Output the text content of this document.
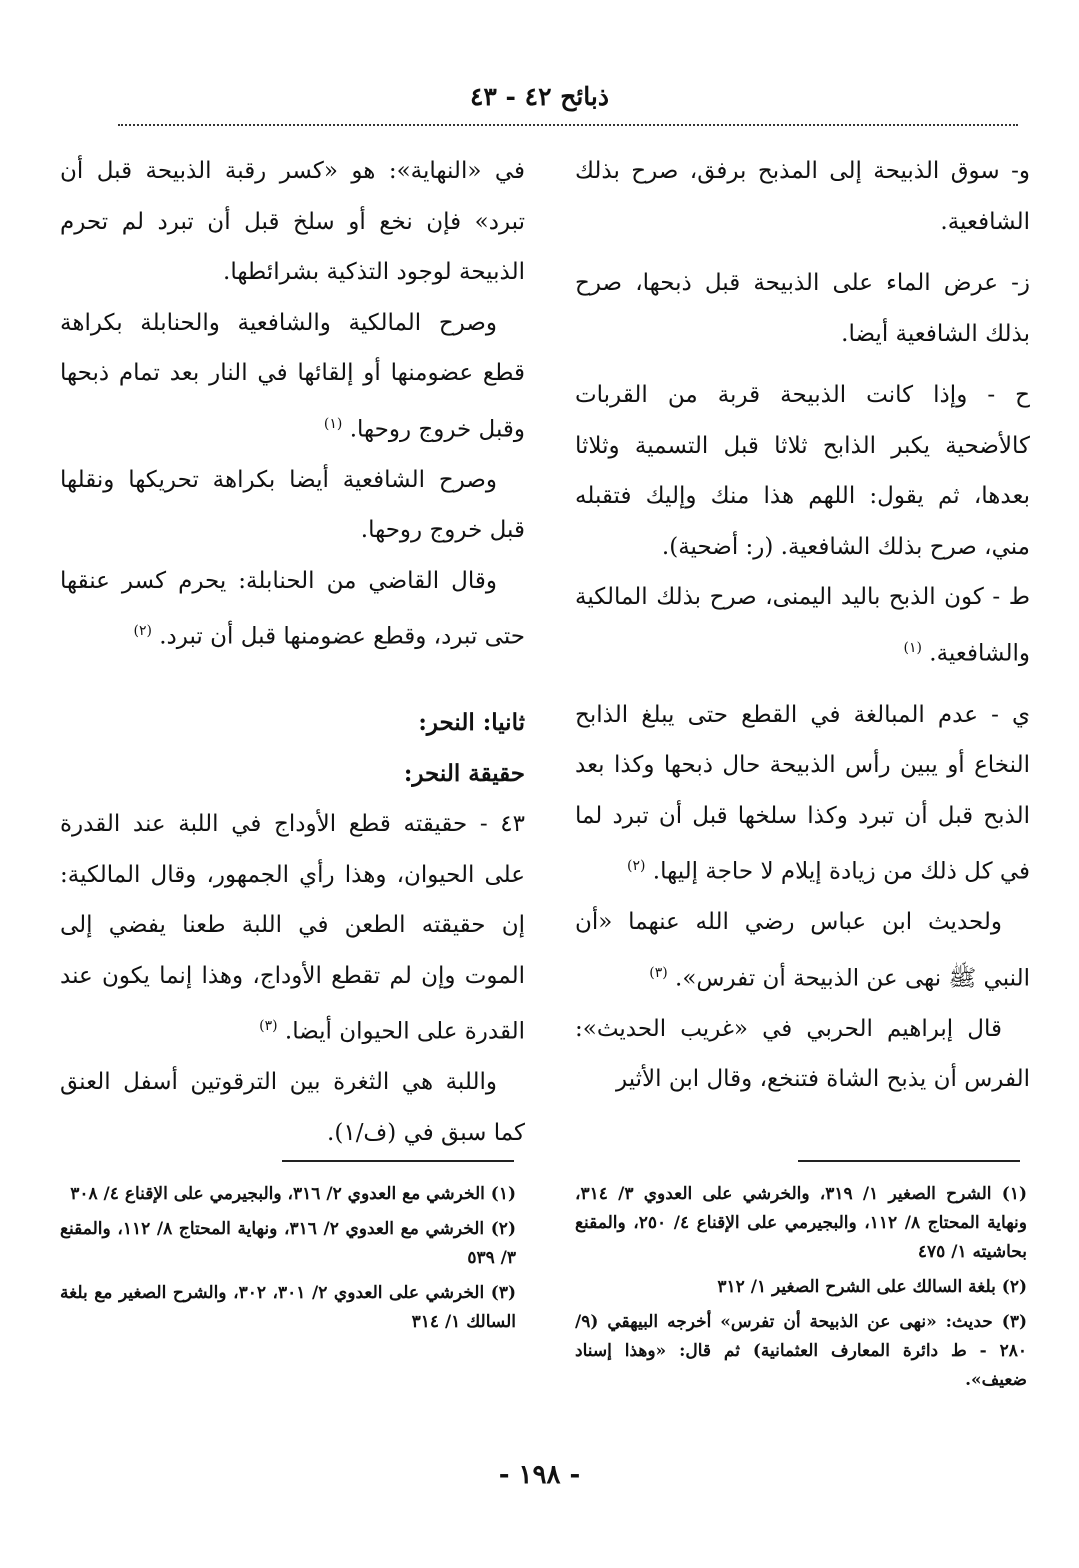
ذبائح ٤٢ - ٤٣

و- سوق الذبيحة إلى المذبح برفق، صرح بذلك الشافعية.

ز- عرض الماء على الذبيحة قبل ذبحها، صرح بذلك الشافعية أيضا.

ح - وإذا كانت الذبيحة قربة من القربات كالأضحية يكبر الذابح ثلاثا قبل التسمية وثلاثا بعدها، ثم يقول: اللهم هذا منك وإليك فتقبله مني، صرح بذلك الشافعية. (ر: أضحية).

ط - كون الذبح باليد اليمنى، صرح بذلك المالكية والشافعية. $^{(١)}$

ي - عدم المبالغة في القطع حتى يبلغ الذابح النخاع أو يبين رأس الذبيحة حال ذبحها وكذا بعد الذبح قبل أن تبرد وكذا سلخها قبل أن تبرد لما في كل ذلك من زيادة إيلام لا حاجة إليها. $^{(٢)}$

ولحديث ابن عباس رضي الله عنهما «أن النبي ﷺ نهى عن الذبيحة أن تفرس». $^{(٣)}$

قال إبراهيم الحربي في «غريب الحديث»: الفرس أن يذبح الشاة فتنخع، وقال ابن الأثير

في «النهاية»: هو «كسر رقبة الذبيحة قبل أن تبرد» فإن نخع أو سلخ قبل أن تبرد لم تحرم الذبيحة لوجود التذكية بشرائطها.

وصرح المالكية والشافعية والحنابلة بكراهة قطع عضومنها أو إلقائها في النار بعد تمام ذبحها وقبل خروج روحها. $^{(١)}$

وصرح الشافعية أيضا بكراهة تحريكها ونقلها قبل خروج روحها.

وقال القاضي من الحنابلة: يحرم كسر عنقها حتى تبرد، وقطع عضومنها قبل أن تبرد. $^{(٢)}$

ثانيا: النحر:

حقيقة النحر:

٤٣ - حقيقته قطع الأوداج في اللبة عند القدرة على الحيوان، وهذا رأي الجمهور، وقال المالكية: إن حقيقته الطعن في اللبة طعنا يفضي إلى الموت وإن لم تقطع الأوداج، وهذا إنما يكون عند القدرة على الحيوان أيضا. $^{(٣)}$

واللبة هي الثغرة بين الترقوتين أسفل العنق كما سبق في (ف/١).

(١) الشرح الصغير ١/ ٣١٩، والخرشي على العدوي ٣/ ٣١٤، ونهاية المحتاج ٨/ ١١٢، والبجيرمي على الإقناع ٤/ ٢٥٠، والمقنع بحاشيته ١/ ٤٧٥

(٢) بلغة السالك على الشرح الصغير ١/ ٣١٢

(٣) حديث: «نهى عن الذبيحة أن تفرس» أخرجه البيهقي (٩/ ٢٨٠ - ط دائرة المعارف العثمانية) ثم قال: «وهذا إسناد ضعيف».

(١) الخرشي مع العدوي ٢/ ٣١٦، والبجيرمي على الإقناع ٤/ ٣٠٨

(٢) الخرشي مع العدوي ٢/ ٣١٦، ونهاية المحتاج ٨/ ١١٢، والمقنع ٣/ ٥٣٩

(٣) الخرشي على العدوي ٢/ ٣٠١، ٣٠٢، والشرح الصغير مع بلغة السالك ١/ ٣١٤

- ١٩٨ -
